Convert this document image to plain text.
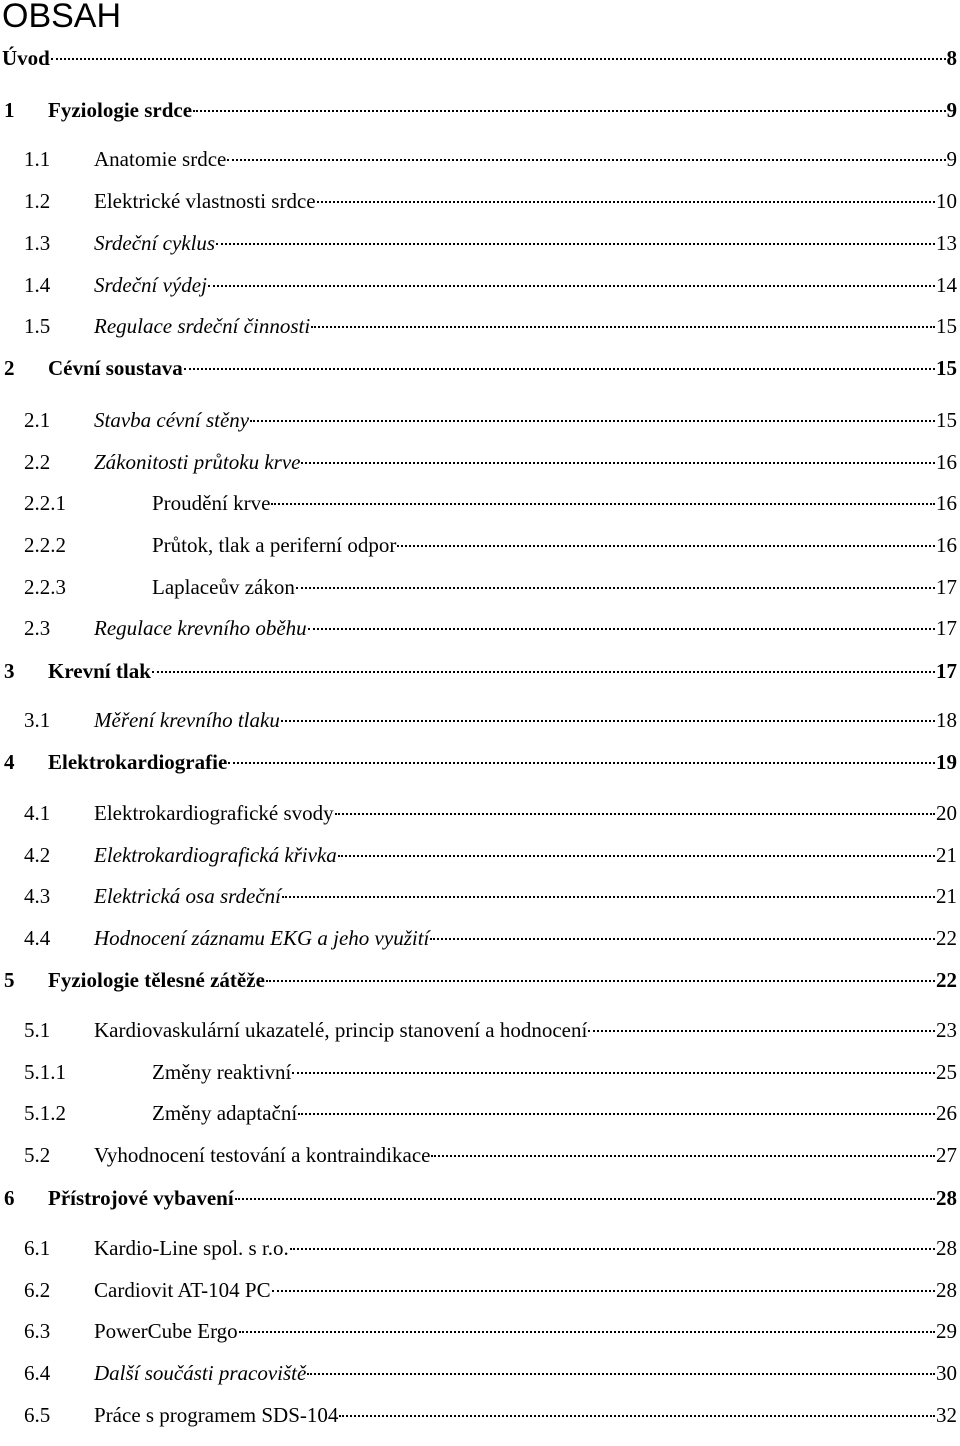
OBSAH
Úvod	8
1	Fyziologie srdce	9
1.1	Anatomie srdce	9
1.2	Elektrické vlastnosti srdce	10
1.3	Srdeční cyklus	13
1.4	Srdeční výdej	14
1.5	Regulace srdeční činnosti	15
2	Cévní soustava	15
2.1	Stavba cévní stěny	15
2.2	Zákonitosti průtoku krve	16
2.2.1	Proudění krve	16
2.2.2	Průtok, tlak a periferní odpor	16
2.2.3	Laplaceův zákon	17
2.3	Regulace krevního oběhu	17
3	Krevní tlak	17
3.1	Měření krevního tlaku	18
4	Elektrokardiografie	19
4.1	Elektrokardiografické svody	20
4.2	Elektrokardiografická křivka	21
4.3	Elektrická osa srdeční	21
4.4	Hodnocení záznamu EKG a jeho využití	22
5	Fyziologie tělesné zátěže	22
5.1	Kardiovaskulární ukazatelé, princip stanovení a hodnocení	23
5.1.1	Změny reaktivní	25
5.1.2	Změny adaptační	26
5.2	Vyhodnocení testování a kontraindikace	27
6	Přístrojové vybavení	28
6.1	Kardio-Line spol. s r.o.	28
6.2	Cardiovit AT-104 PC	28
6.3	PowerCube Ergo	29
6.4	Další součásti pracoviště	30
6.5	Práce s programem SDS-104	32
